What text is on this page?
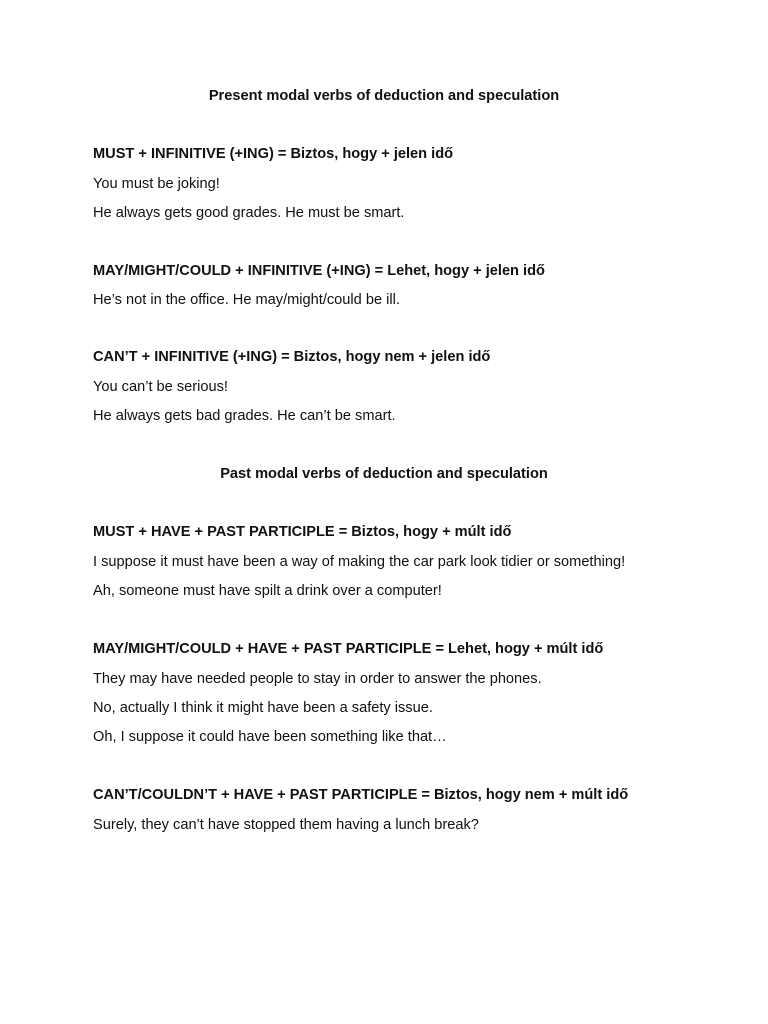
Present modal verbs of deduction and speculation

MUST + INFINITIVE (+ING) = Biztos, hogy + jelen idő

You must be joking!

He always gets good grades. He must be smart.

MAY/MIGHT/COULD + INFINITIVE (+ING) = Lehet, hogy + jelen idő

He’s not in the office. He may/might/could be ill.

CAN’T + INFINITIVE (+ING) = Biztos, hogy nem + jelen idő

You can’t be serious!

He always gets bad grades. He can’t be smart.

Past modal verbs of deduction and speculation

MUST + HAVE + PAST PARTICIPLE = Biztos, hogy + múlt idő

I suppose it must have been a way of making the car park look tidier or something!

Ah, someone must have spilt a drink over a computer!

MAY/MIGHT/COULD + HAVE + PAST PARTICIPLE = Lehet, hogy + múlt idő

They may have needed people to stay in order to answer the phones.

No, actually I think it might have been a safety issue.

Oh, I suppose it could have been something like that…

CAN’T/COULDN’T + HAVE + PAST PARTICIPLE = Biztos, hogy nem + múlt idő

Surely, they can’t have stopped them having a lunch break?
